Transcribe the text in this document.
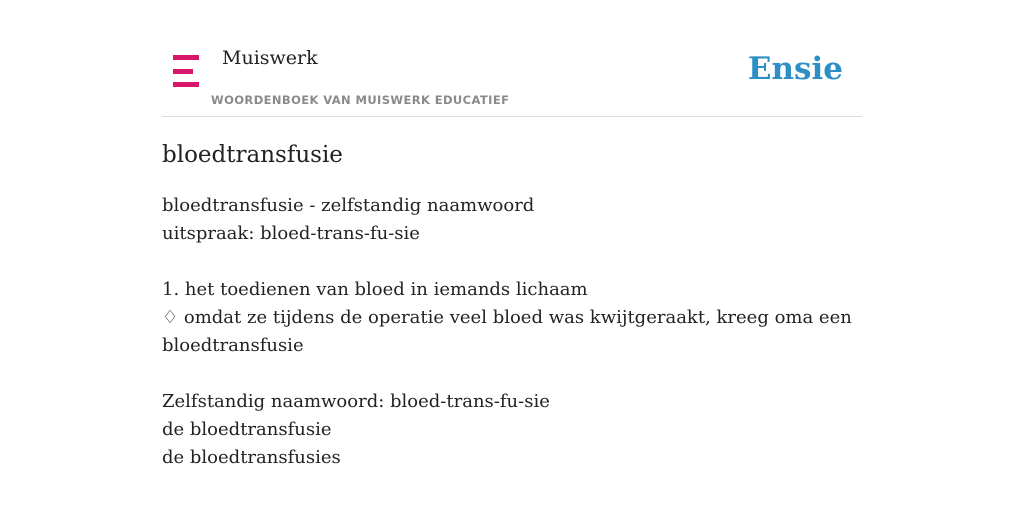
Muiswerk
WOORDENBOEK VAN MUISWERK EDUCATIEF
Ensie
bloedtransfusie
bloedtransfusie - zelfstandig naamwoord
uitspraak: bloed-trans-fu-sie
1. het toedienen van bloed in iemands lichaam
♢ omdat ze tijdens de operatie veel bloed was kwijtgeraakt, kreeg oma een bloedtransfusie
Zelfstandig naamwoord: bloed-trans-fu-sie
de bloedtransfusie
de bloedtransfusies
